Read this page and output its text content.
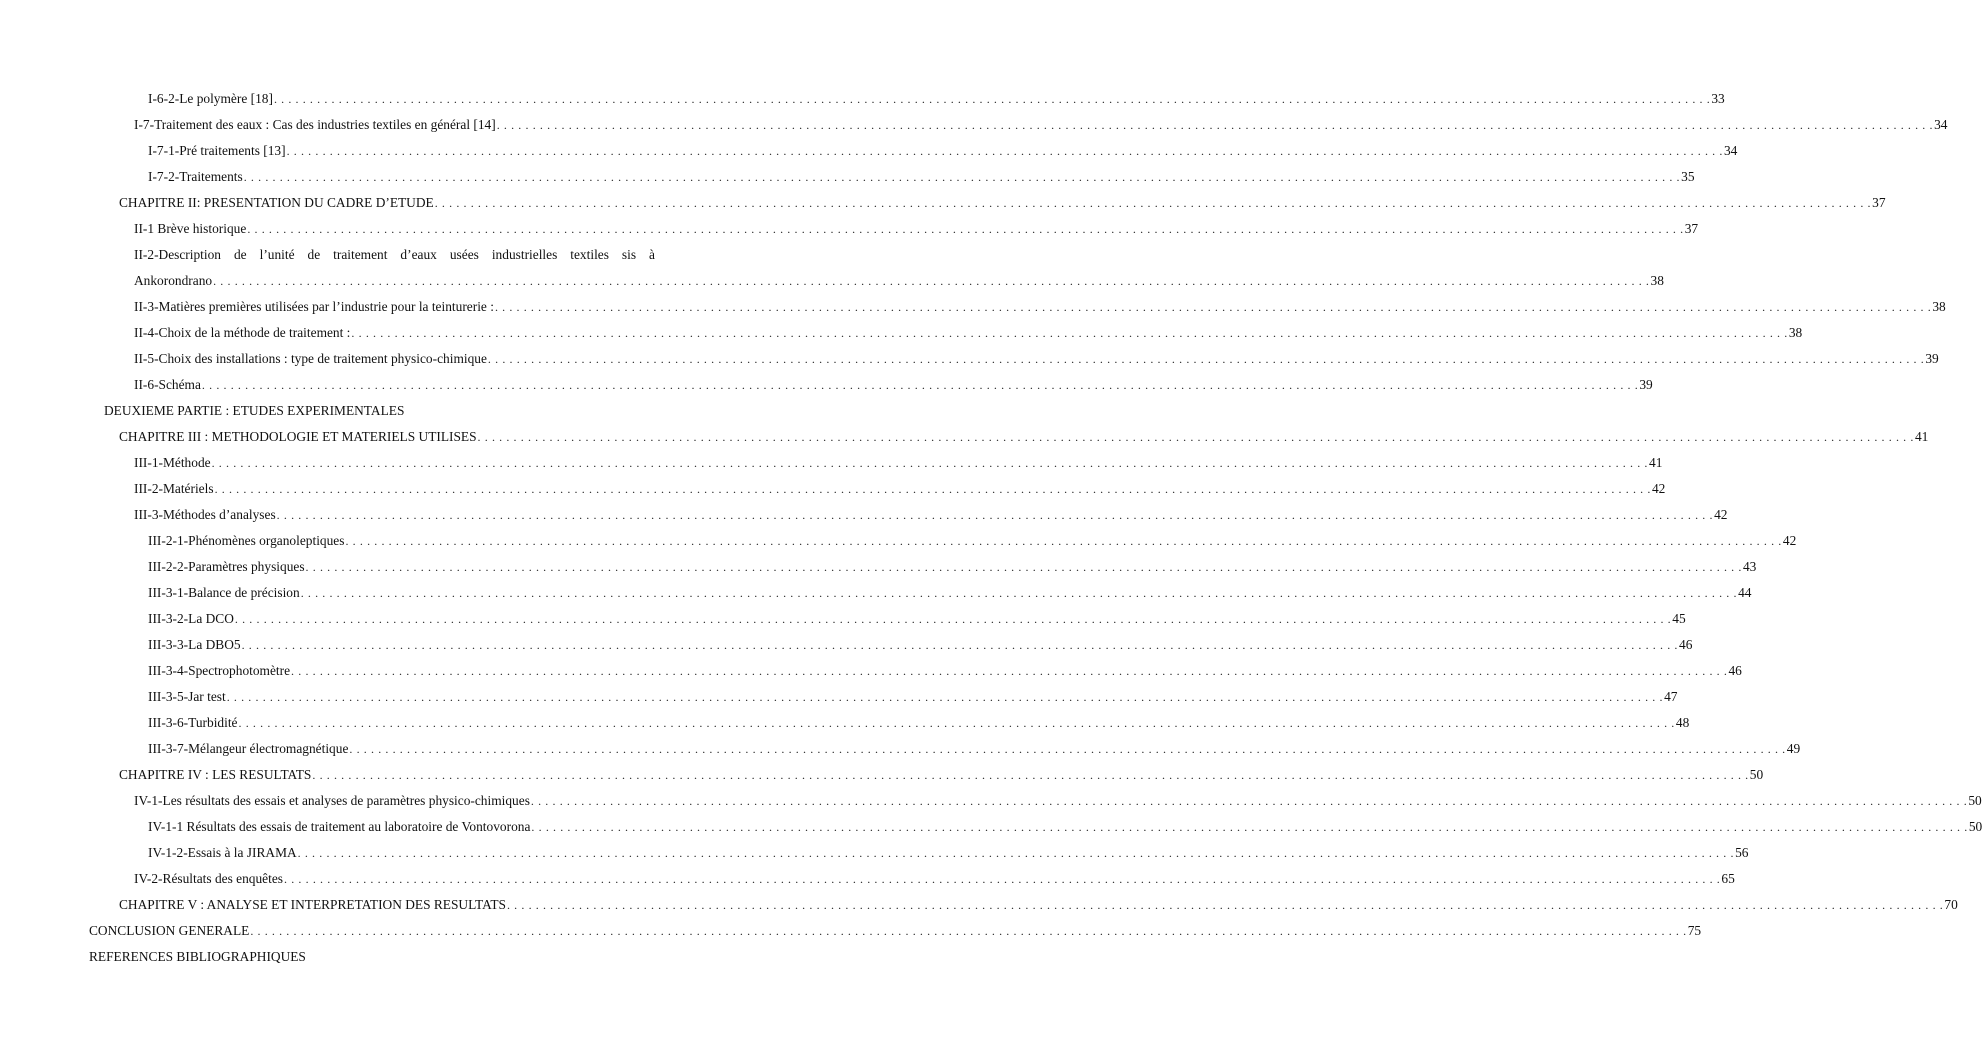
I-6-2-Le polymère [18] . . . . . . . . . . . . . . . . . . . . . . . . . . . . . . . . . . . . . . . . . . . . . . . . . . . . . . . . . . . . . . . . . . . . . . . . . . . . . . . . . . . . . . . . . . . . . . . . . . . . . . . . . . . . . . . . . . . . . . . . . . . . . . . . . . . . . . . . . . . . . . . . . . . . . . . . . . . . . . . . . . . . . . . . . . . . . . . . . . . . . . . . . . . . . . . . . . . . . . . . 33
I-7-Traitement des eaux : Cas des industries textiles en général [14] . . . . . . . . . . . . . . . . . . . . . . . . . . . . . . . . . . . . . . . . . . . . . . . . . . . . . . . . . . . . . . . . . . . . . . . . . . . . . . . . . . . . . . . . . . . . . . . . . . . . . . . . . . . . . . . . . . . . . . . . . . . . . . . . . . . . . . . . . . . . . . . . . . . . . . . . . . . . . . . . . . . . . . . . . . . . . . . . . . . . . . . . . . . . . . . . . . . . . . . . 34
I-7-1-Pré traitements [13] . . . . . . . . . . . . . . . . . . . . . . . . . . . . . . . . . . . . . . . . . . . . . . . . . . . . . . . . . . . . . . . . . . . . . . . . . . . . . . . . . . . . . . . . . . . . . . . . . . . . . . . . . . . . . . . . . . . . . . . . . . . . . . . . . . . . . . . . . . . . . . . . . . . . . . . . . . . . . . . . . . . . . . . . . . . . . . . . . . . . . . . . . . . . . . . . . . . . . . . . 34
I-7-2-Traitements . . . . . . . . . . . . . . . . . . . . . . . . . . . . . . . . . . . . . . . . . . . . . . . . . . . . . . . . . . . . . . . . . . . . . . . . . . . . . . . . . . . . . . . . . . . . . . . . . . . . . . . . . . . . . . . . . . . . . . . . . . . . . . . . . . . . . . . . . . . . . . . . . . . . . . . . . . . . . . . . . . . . . . . . . . . . . . . . . . . . . . . . . . . . . . . . . . . . . . . . 35
CHAPITRE II: PRESENTATION DU CADRE D’ETUDE . . . . . . . . . . . . . . . . . . . . . . . . . . . . . . . . . . . . . . . . . . . . . . . . . . . . . . . . . . . . . . . . . . . . . . . . . . . . . . . . . . . . . . . . . . . . . . . . . . . . . . . . . . . . . . . . . . . . . . . . . . . . . . . . . . . . . . . . . . . . . . . . . . . . . . . . . . . . . . . . . . . . . . . . . . . . . . . . . . . . . . . . . . . . . . . . . . . . . . . . 37
II-1 Brève historique . . . . . . . . . . . . . . . . . . . . . . . . . . . . . . . . . . . . . . . . . . . . . . . . . . . . . . . . . . . . . . . . . . . . . . . . . . . . . . . . . . . . . . . . . . . . . . . . . . . . . . . . . . . . . . . . . . . . . . . . . . . . . . . . . . . . . . . . . . . . . . . . . . . . . . . . . . . . . . . . . . . . . . . . . . . . . . . . . . . . . . . . . . . . . . . . . . . . . . . . 37
II-2-Description de l’unité de traitement d’eaux usées industrielles textiles sis à
Ankorondrano . . . . . . . . . . . . . . . . . . . . . . . . . . . . . . . . . . . . . . . . . . . . . . . . . . . . . . . . . . . . . . . . . . . . . . . . . . . . . . . . . . . . . . . . . . . . . . . . . . . . . . . . . . . . . . . . . . . . . . . . . . . . . . . . . . . . . . . . . . . . . . . . . . . . . . . . . . . . . . . . . . . . . . . . . . . . . . . . . . . . . . . . . . . . . . . . . . . . . . . . 38
II-3-Matières premières utilisées par l’industrie pour la teinturerie : . . . . . . . . . . . . . . . . . . . . . . . . . . . . . . . . . . . . . . . . . . . . . . . . . . . . . . . . . . . . . . . . . . . . . . . . . . . . . . . . . . . . . . . . . . . . . . . . . . . . . . . . . . . . . . . . . . . . . . . . . . . . . . . . . . . . . . . . . . . . . . . . . . . . . . . . . . . . . . . . . . . . . . . . . . . . . . . . . . . . . . . . . . . . . . . . . . . . . . . . 38
II-4-Choix de la méthode de traitement : . . . . . . . . . . . . . . . . . . . . . . . . . . . . . . . . . . . . . . . . . . . . . . . . . . . . . . . . . . . . . . . . . . . . . . . . . . . . . . . . . . . . . . . . . . . . . . . . . . . . . . . . . . . . . . . . . . . . . . . . . . . . . . . . . . . . . . . . . . . . . . . . . . . . . . . . . . . . . . . . . . . . . . . . . . . . . . . . . . . . . . . . . . . . . . . . . . . . . . . . 38
II-5-Choix des installations : type de traitement physico-chimique . . . . . . . . . . . . . . . . . . . . . . . . . . . . . . . . . . . . . . . . . . . . . . . . . . . . . . . . . . . . . . . . . . . . . . . . . . . . . . . . . . . . . . . . . . . . . . . . . . . . . . . . . . . . . . . . . . . . . . . . . . . . . . . . . . . . . . . . . . . . . . . . . . . . . . . . . . . . . . . . . . . . . . . . . . . . . . . . . . . . . . . . . . . . . . . . . . . . . . . . 39
II-6-Schéma . . . . . . . . . . . . . . . . . . . . . . . . . . . . . . . . . . . . . . . . . . . . . . . . . . . . . . . . . . . . . . . . . . . . . . . . . . . . . . . . . . . . . . . . . . . . . . . . . . . . . . . . . . . . . . . . . . . . . . . . . . . . . . . . . . . . . . . . . . . . . . . . . . . . . . . . . . . . . . . . . . . . . . . . . . . . . . . . . . . . . . . . . . . . . . . . . . . . . . . . 39
DEUXIEME PARTIE : ETUDES EXPERIMENTALES
CHAPITRE III : METHODOLOGIE ET MATERIELS UTILISES . . . . . . . . . . . . . . . . . . . . . . . . . . . . . . . . . . . . . . . . . . . . . . . . . . . . . . . . . . . . . . . . . . . . . . . . . . . . . . . . . . . . . . . . . . . . . . . . . . . . . . . . . . . . . . . . . . . . . . . . . . . . . . . . . . . . . . . . . . . . . . . . . . . . . . . . . . . . . . . . . . . . . . . . . . . . . . . . . . . . . . . . . . . . . . . . . . . . . . . . 41
III-1-Méthode . . . . . . . . . . . . . . . . . . . . . . . . . . . . . . . . . . . . . . . . . . . . . . . . . . . . . . . . . . . . . . . . . . . . . . . . . . . . . . . . . . . . . . . . . . . . . . . . . . . . . . . . . . . . . . . . . . . . . . . . . . . . . . . . . . . . . . . . . . . . . . . . . . . . . . . . . . . . . . . . . . . . . . . . . . . . . . . . . . . . . . . . . . . . . . . . . . . . . . . . 41
III-2-Matériels . . . . . . . . . . . . . . . . . . . . . . . . . . . . . . . . . . . . . . . . . . . . . . . . . . . . . . . . . . . . . . . . . . . . . . . . . . . . . . . . . . . . . . . . . . . . . . . . . . . . . . . . . . . . . . . . . . . . . . . . . . . . . . . . . . . . . . . . . . . . . . . . . . . . . . . . . . . . . . . . . . . . . . . . . . . . . . . . . . . . . . . . . . . . . . . . . . . . . . . . 42
III-3-Méthodes d’analyses . . . . . . . . . . . . . . . . . . . . . . . . . . . . . . . . . . . . . . . . . . . . . . . . . . . . . . . . . . . . . . . . . . . . . . . . . . . . . . . . . . . . . . . . . . . . . . . . . . . . . . . . . . . . . . . . . . . . . . . . . . . . . . . . . . . . . . . . . . . . . . . . . . . . . . . . . . . . . . . . . . . . . . . . . . . . . . . . . . . . . . . . . . . . . . . . . . . . . . . . 42
III-2-1-Phénomènes organoleptiques . . . . . . . . . . . . . . . . . . . . . . . . . . . . . . . . . . . . . . . . . . . . . . . . . . . . . . . . . . . . . . . . . . . . . . . . . . . . . . . . . . . . . . . . . . . . . . . . . . . . . . . . . . . . . . . . . . . . . . . . . . . . . . . . . . . . . . . . . . . . . . . . . . . . . . . . . . . . . . . . . . . . . . . . . . . . . . . . . . . . . . . . . . . . . . . . . . . . . . . . 42
III-2-2-Paramètres physiques . . . . . . . . . . . . . . . . . . . . . . . . . . . . . . . . . . . . . . . . . . . . . . . . . . . . . . . . . . . . . . . . . . . . . . . . . . . . . . . . . . . . . . . . . . . . . . . . . . . . . . . . . . . . . . . . . . . . . . . . . . . . . . . . . . . . . . . . . . . . . . . . . . . . . . . . . . . . . . . . . . . . . . . . . . . . . . . . . . . . . . . . . . . . . . . . . . . . . . . . 43
III-3-1-Balance de précision . . . . . . . . . . . . . . . . . . . . . . . . . . . . . . . . . . . . . . . . . . . . . . . . . . . . . . . . . . . . . . . . . . . . . . . . . . . . . . . . . . . . . . . . . . . . . . . . . . . . . . . . . . . . . . . . . . . . . . . . . . . . . . . . . . . . . . . . . . . . . . . . . . . . . . . . . . . . . . . . . . . . . . . . . . . . . . . . . . . . . . . . . . . . . . . . . . . . . . . . 44
III-3-2-La DCO . . . . . . . . . . . . . . . . . . . . . . . . . . . . . . . . . . . . . . . . . . . . . . . . . . . . . . . . . . . . . . . . . . . . . . . . . . . . . . . . . . . . . . . . . . . . . . . . . . . . . . . . . . . . . . . . . . . . . . . . . . . . . . . . . . . . . . . . . . . . . . . . . . . . . . . . . . . . . . . . . . . . . . . . . . . . . . . . . . . . . . . . . . . . . . . . . . . . . . . . 45
III-3-3-La DBO5 . . . . . . . . . . . . . . . . . . . . . . . . . . . . . . . . . . . . . . . . . . . . . . . . . . . . . . . . . . . . . . . . . . . . . . . . . . . . . . . . . . . . . . . . . . . . . . . . . . . . . . . . . . . . . . . . . . . . . . . . . . . . . . . . . . . . . . . . . . . . . . . . . . . . . . . . . . . . . . . . . . . . . . . . . . . . . . . . . . . . . . . . . . . . . . . . . . . . . . . . 46
III-3-4-Spectrophotomètre . . . . . . . . . . . . . . . . . . . . . . . . . . . . . . . . . . . . . . . . . . . . . . . . . . . . . . . . . . . . . . . . . . . . . . . . . . . . . . . . . . . . . . . . . . . . . . . . . . . . . . . . . . . . . . . . . . . . . . . . . . . . . . . . . . . . . . . . . . . . . . . . . . . . . . . . . . . . . . . . . . . . . . . . . . . . . . . . . . . . . . . . . . . . . . . . . . . . . . . . 46
III-3-5-Jar test . . . . . . . . . . . . . . . . . . . . . . . . . . . . . . . . . . . . . . . . . . . . . . . . . . . . . . . . . . . . . . . . . . . . . . . . . . . . . . . . . . . . . . . . . . . . . . . . . . . . . . . . . . . . . . . . . . . . . . . . . . . . . . . . . . . . . . . . . . . . . . . . . . . . . . . . . . . . . . . . . . . . . . . . . . . . . . . . . . . . . . . . . . . . . . . . . . . . . . . . 47
III-3-6-Turbidité . . . . . . . . . . . . . . . . . . . . . . . . . . . . . . . . . . . . . . . . . . . . . . . . . . . . . . . . . . . . . . . . . . . . . . . . . . . . . . . . . . . . . . . . . . . . . . . . . . . . . . . . . . . . . . . . . . . . . . . . . . . . . . . . . . . . . . . . . . . . . . . . . . . . . . . . . . . . . . . . . . . . . . . . . . . . . . . . . . . . . . . . . . . . . . . . . . . . . . . . 48
III-3-7-Mélangeur électromagnétique . . . . . . . . . . . . . . . . . . . . . . . . . . . . . . . . . . . . . . . . . . . . . . . . . . . . . . . . . . . . . . . . . . . . . . . . . . . . . . . . . . . . . . . . . . . . . . . . . . . . . . . . . . . . . . . . . . . . . . . . . . . . . . . . . . . . . . . . . . . . . . . . . . . . . . . . . . . . . . . . . . . . . . . . . . . . . . . . . . . . . . . . . . . . . . . . . . . . . . . . 49
CHAPITRE IV : LES RESULTATS . . . . . . . . . . . . . . . . . . . . . . . . . . . . . . . . . . . . . . . . . . . . . . . . . . . . . . . . . . . . . . . . . . . . . . . . . . . . . . . . . . . . . . . . . . . . . . . . . . . . . . . . . . . . . . . . . . . . . . . . . . . . . . . . . . . . . . . . . . . . . . . . . . . . . . . . . . . . . . . . . . . . . . . . . . . . . . . . . . . . . . . . . . . . . . . . . . . . . . . . 50
IV-1-Les résultats des essais et analyses de paramètres physico-chimiques . . . . . . . . . . . . . . . . . . . . . . . . . . . . . . . . . . . . . . . . . . . . . . . . . . . . . . . . . . . . . . . . . . . . . . . . . . . . . . . . . . . . . . . . . . . . . . . . . . . . . . . . . . . . . . . . . . . . . . . . . . . . . . . . . . . . . . . . . . . . . . . . . . . . . . . . . . . . . . . . . . . . . . . . . . . . . . . . . . . . . . . . . . . . . . . . . . . . . . . . 50
IV-1-1 Résultats des essais de traitement au laboratoire de Vontovorona . . . . . . . . . . . . . . . . . . . . . . . . . . . . . . . . . . . . . . . . . . . . . . . . . . . . . . . . . . . . . . . . . . . . . . . . . . . . . . . . . . . . . . . . . . . . . . . . . . . . . . . . . . . . . . . . . . . . . . . . . . . . . . . . . . . . . . . . . . . . . . . . . . . . . . . . . . . . . . . . . . . . . . . . . . . . . . . . . . . . . . . . . . . . . . . . . . . . . . . . 50
IV-1-2-Essais à la JIRAMA . . . . . . . . . . . . . . . . . . . . . . . . . . . . . . . . . . . . . . . . . . . . . . . . . . . . . . . . . . . . . . . . . . . . . . . . . . . . . . . . . . . . . . . . . . . . . . . . . . . . . . . . . . . . . . . . . . . . . . . . . . . . . . . . . . . . . . . . . . . . . . . . . . . . . . . . . . . . . . . . . . . . . . . . . . . . . . . . . . . . . . . . . . . . . . . . . . . . . . . . 56
IV-2-Résultats des enquêtes . . . . . . . . . . . . . . . . . . . . . . . . . . . . . . . . . . . . . . . . . . . . . . . . . . . . . . . . . . . . . . . . . . . . . . . . . . . . . . . . . . . . . . . . . . . . . . . . . . . . . . . . . . . . . . . . . . . . . . . . . . . . . . . . . . . . . . . . . . . . . . . . . . . . . . . . . . . . . . . . . . . . . . . . . . . . . . . . . . . . . . . . . . . . . . . . . . . . . . . . 65
CHAPITRE V : ANALYSE ET INTERPRETATION DES RESULTATS . . . . . . . . . . . . . . . . . . . . . . . . . . . . . . . . . . . . . . . . . . . . . . . . . . . . . . . . . . . . . . . . . . . . . . . . . . . . . . . . . . . . . . . . . . . . . . . . . . . . . . . . . . . . . . . . . . . . . . . . . . . . . . . . . . . . . . . . . . . . . . . . . . . . . . . . . . . . . . . . . . . . . . . . . . . . . . . . . . . . . . . . . . . . . . . . . . . . . . . . 70
CONCLUSION GENERALE . . . . . . . . . . . . . . . . . . . . . . . . . . . . . . . . . . . . . . . . . . . . . . . . . . . . . . . . . . . . . . . . . . . . . . . . . . . . . . . . . . . . . . . . . . . . . . . . . . . . . . . . . . . . . . . . . . . . . . . . . . . . . . . . . . . . . . . . . . . . . . . . . . . . . . . . . . . . . . . . . . . . . . . . . . . . . . . . . . . . . . . . . . . . . . . . . . . . . . . . 75
REFERENCES BIBLIOGRAPHIQUES
